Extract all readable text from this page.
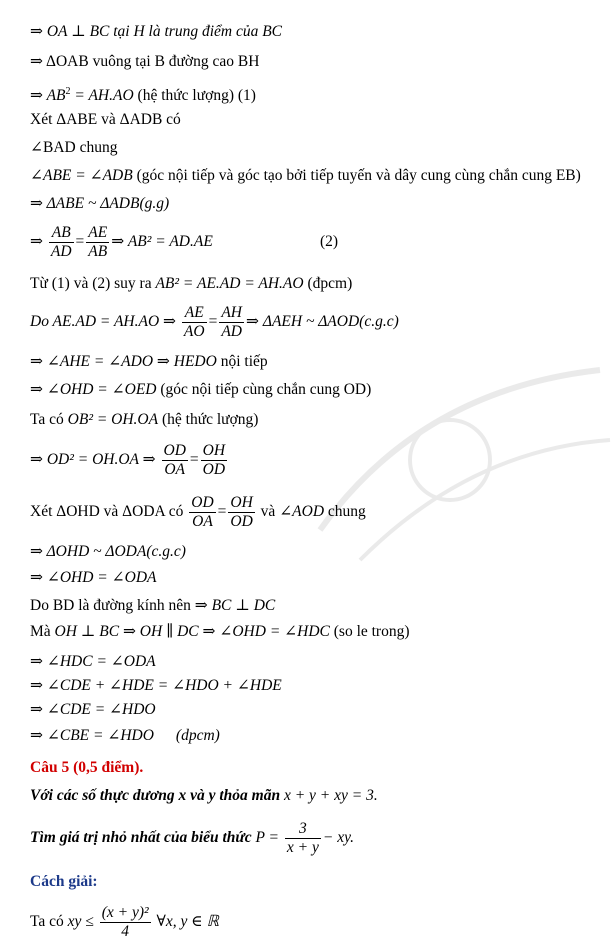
⇒ OA ⊥ BC tại H là trung điểm của BC
⇒ ΔOAB vuông tại B đường cao BH
⇒ $AB^2 = AH.AO$ (hệ thức lượng) (1)
Xét ΔABE và ΔADB có
∠BAD chung
∠ABE = ∠ADB (góc nội tiếp và góc tạo bởi tiếp tuyến và dây cung cùng chắn cung EB)
⇒ ΔABE ~ ΔADB(g.g)
⇒ $\frac{AB}{AD} = \frac{AE}{AB}$ ⇒ AB² = AD.AE	(2)
Từ (1) và (2) suy ra AB² = AE.AD = AH.AO (đpcm)
Do AE.AD = AH.AO ⇒ $\frac{AE}{AO} = \frac{AH}{AD}$ ⇒ ΔAEH ~ ΔAOD(c.g.c)
⇒ ∠AHE = ∠ADO ⇒ HEDO nội tiếp
⇒ ∠OHD = ∠OED (góc nội tiếp cùng chắn cung OD)
Ta có OB² = OH.OA (hệ thức lượng)
⇒ OD² = OH.OA ⇒ $\frac{OD}{OA} = \frac{OH}{OD}$
Xét ΔOHD và ΔODA có $\frac{OD}{OA} = \frac{OH}{OD}$ và ∠AOD chung
⇒ ΔOHD ~ ΔODA(c.g.c)
⇒ ∠OHD = ∠ODA
Do BD là đường kính nên ⇒ BC ⊥ DC
Mà OH ⊥ BC ⇒ OH ∥ DC ⇒ ∠OHD = ∠HDC (so le trong)
⇒ ∠HDC = ∠ODA
⇒ ∠CDE + ∠HDE = ∠HDO + ∠HDE
⇒ ∠CDE = ∠HDO
⇒ ∠CBE = ∠HDO (dpcm)
Câu 5 (0,5 điểm).
Với các số thực dương x và y thỏa mãn x + y + xy = 3.
Tìm giá trị nhỏ nhất của biểu thức $P = \frac{3}{x + y}$ − xy.
Cách giải:
Ta có xy ≤ $\frac{\text{(x + y)²}}{4}$ ∀x, y ∈ ℝ
